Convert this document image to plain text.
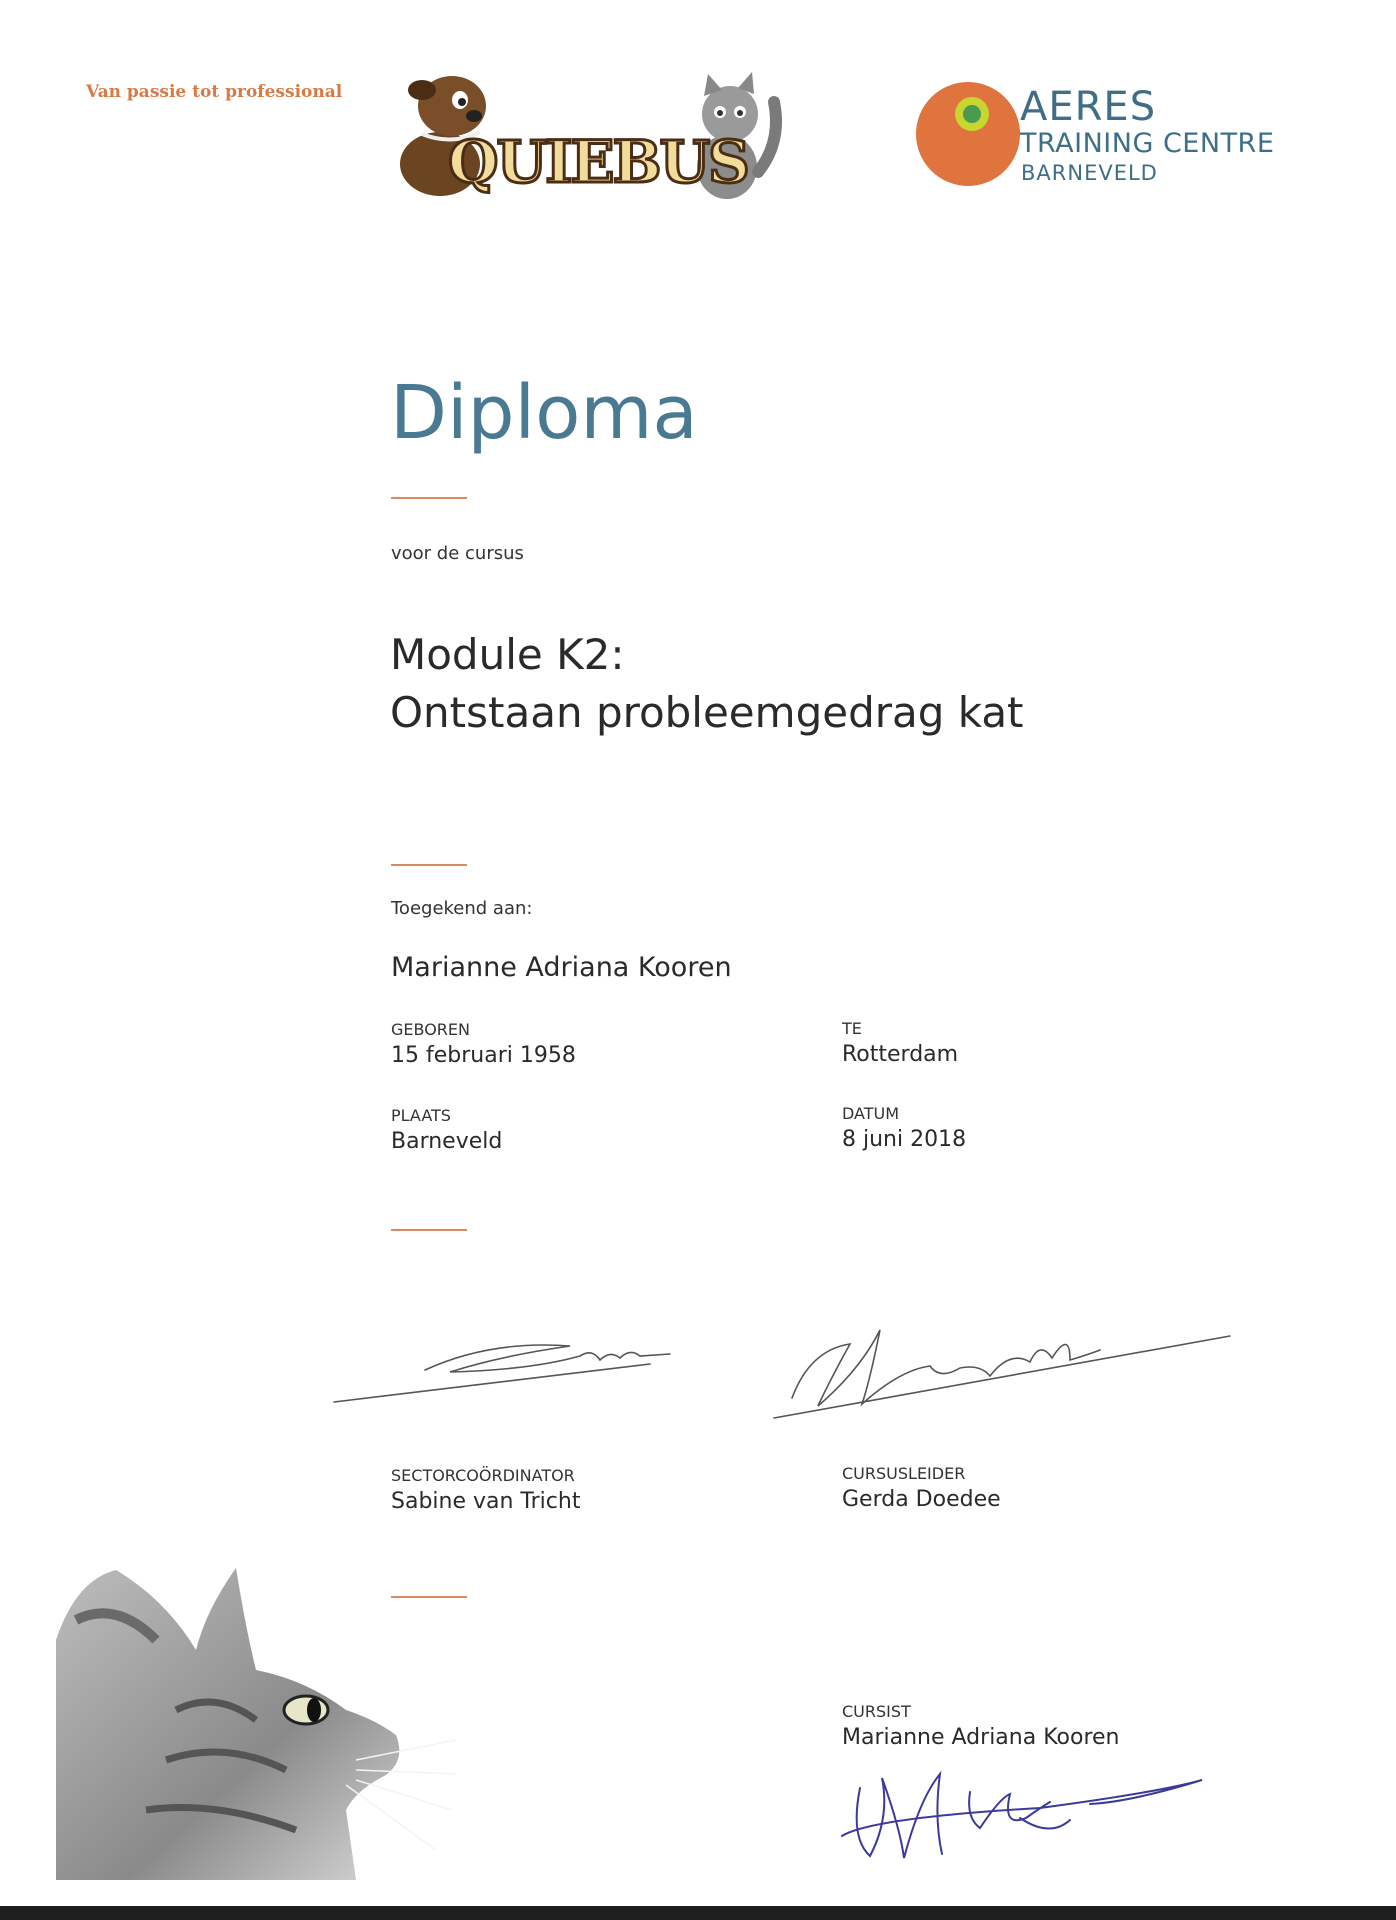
Van passie tot professional
QUIEBUS
AERES
TRAINING CENTRE
BARNEVELD
Diploma
voor de cursus
Module K2:
Ontstaan probleemgedrag kat
Toegekend aan:
Marianne Adriana Kooren
GEBOREN
15 februari 1958
TE
Rotterdam
PLAATS
Barneveld
DATUM
8 juni 2018
SECTORCOÖRDINATOR
Sabine van Tricht
CURSUSLEIDER
Gerda Doedee
CURSIST
Marianne Adriana Kooren
